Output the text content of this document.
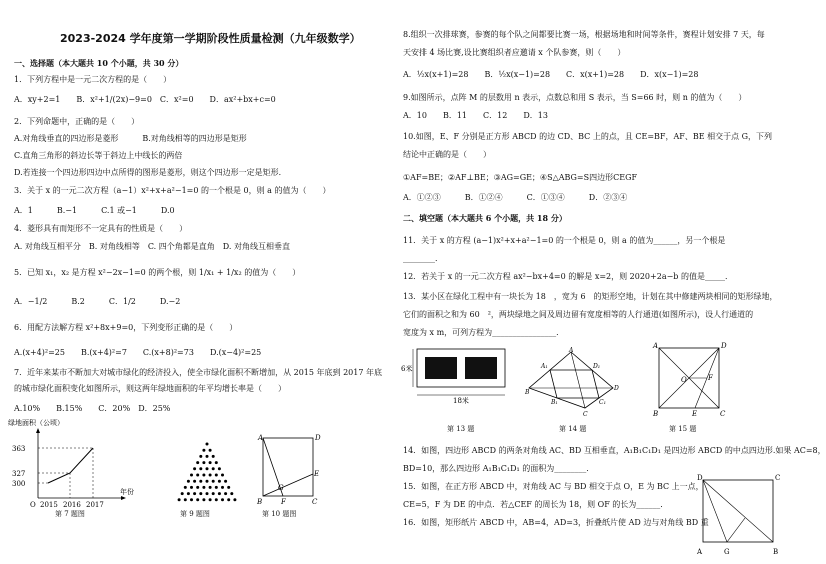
2023-2024 学年度第一学期阶段性质量检测（九年级数学）
一、选择题（本大题共 10 个小题，共 30 分）
1．下列方程中是一元二次方程的是（　　）
A．xy+2=1　　B．x²+1/(2x)−9=0　C．x²=0　　D．ax²+bx+c=0
2．下列命题中，正确的是（　　）
A.对角线垂直的四边形是菱形　　　B.对角线相等的四边形是矩形
C.直角三角形的斜边长等于斜边上中线长的两倍
D.若连接一个四边形四边中点所得的图形是菱形，则这个四边形一定是矩形．
3．关于 x 的一元二次方程（a−1）x²+x+a²−1=0 的一个根是 0，则 a 的值为（　　）
A．1　　　B.−1　　　C.1 或−1　　　D.0
4．菱形具有而矩形不一定具有的性质是（　　）
A. 对角线互相平分　B. 对角线相等　C. 四个角都是直角　D. 对角线互相垂直
5．已知 x₁，x₂ 是方程 x²−2x−1=0 的两个根，则 1/x₁ + 1/x₂ 的值为（　　）
A．−1/2　　　B.2　　　C．1/2　　　D.−2
6．用配方法解方程 x²+8x+9=0，下列变形正确的是（　　）
A.(x+4)²=25　　B.(x+4)²=7　　C.(x+8)²=73　　D.(x−4)²=25
7．近年来某市不断加大对城市绿化的经济投入，使全市绿化面积不断增加，从 2015 年底到 2017 年底
的城市绿化面积变化如图所示，则这两年绿地面积的年平均增长率是（　　）
A.10%　　B.15%　　C．20%　D．25%
绿地面积（公顷）
年份
363
327
300
O 2015 2016 2017
第 7 题图	第 9 题图
A	D
E
G
B	F	C
第 10 题图
8.组织一次排球赛，参赛的每个队之间都要比赛一场，根据场地和时间等条件，赛程计划安排 7 天，每
天安排 4 场比赛,设比赛组织者应邀请 x 个队参赛，则（　　）
A．½x(x+1)=28　　B．½x(x−1)=28　　C．x(x+1)=28　　D．x(x−1)=28
9.如图所示，点阵 M 的层数用 n 表示，点数总和用 S 表示，当 S=66 时，则 n 的值为（　　）
A．10　　B．11　　C．12　　D．13
10.如图，E、F 分别是正方形 ABCD 的边 CD、BC 上的点，且 CE=BF，AF、BE 相交于点 G，下列
结论中正确的是（　　）
①AF=BE；②AF⊥BE；③AG=GE；④S△ABG=S四边形CEGF
A．①②③　　　B．①②④　　　C．①③④　　　D．②③④
二、填空题（本大题共 6 个小题，共 18 分）
11．关于 x 的方程 (a−1)x²+x+a²−1=0 的一个根是 0，则 a 的值为______，另一个根是
________．
12．若关于 x 的一元二次方程 ax²−bx+4=0 的解是 x=2，则 2020+2a−b 的值是_____．
13．某小区在绿化工程中有一块长为 18　，宽为 6　的矩形空地，计划在其中修建两块相同的矩形绿地，
它们的面积之和为 60　²，两块绿地之间及周边留有宽度相等的人行通道(如图所示)，设人行通道的
宽度为 x m，可列方程为________________．
6米
18米
第 13 题
A₁	D₁
A
D
B
C
B₁	C₁
第 14 题
A	D
O	F
B	E	C
第 15 题
14．如图，四边形 ABCD 的两条对角线 AC、BD 互相垂直，A₁B₁C₁D₁ 是四边形 ABCD 的中点四边形.如果 AC=8，
BD=10，那么四边形 A₁B₁C₁D₁ 的面积为________．
15．如图，在正方形 ABCD 中，对角线 AC 与 BD 相交于点 O，E 为 BC 上一点，
CE=5，F 为 DE 的中点．若△CEF 的周长为 18，则 OF 的长为______．
16．如图，矩形纸片 ABCD 中，AB=4，AD=3，折叠纸片使 AD 边与对角线 BD 重
D	C
A	G	B
